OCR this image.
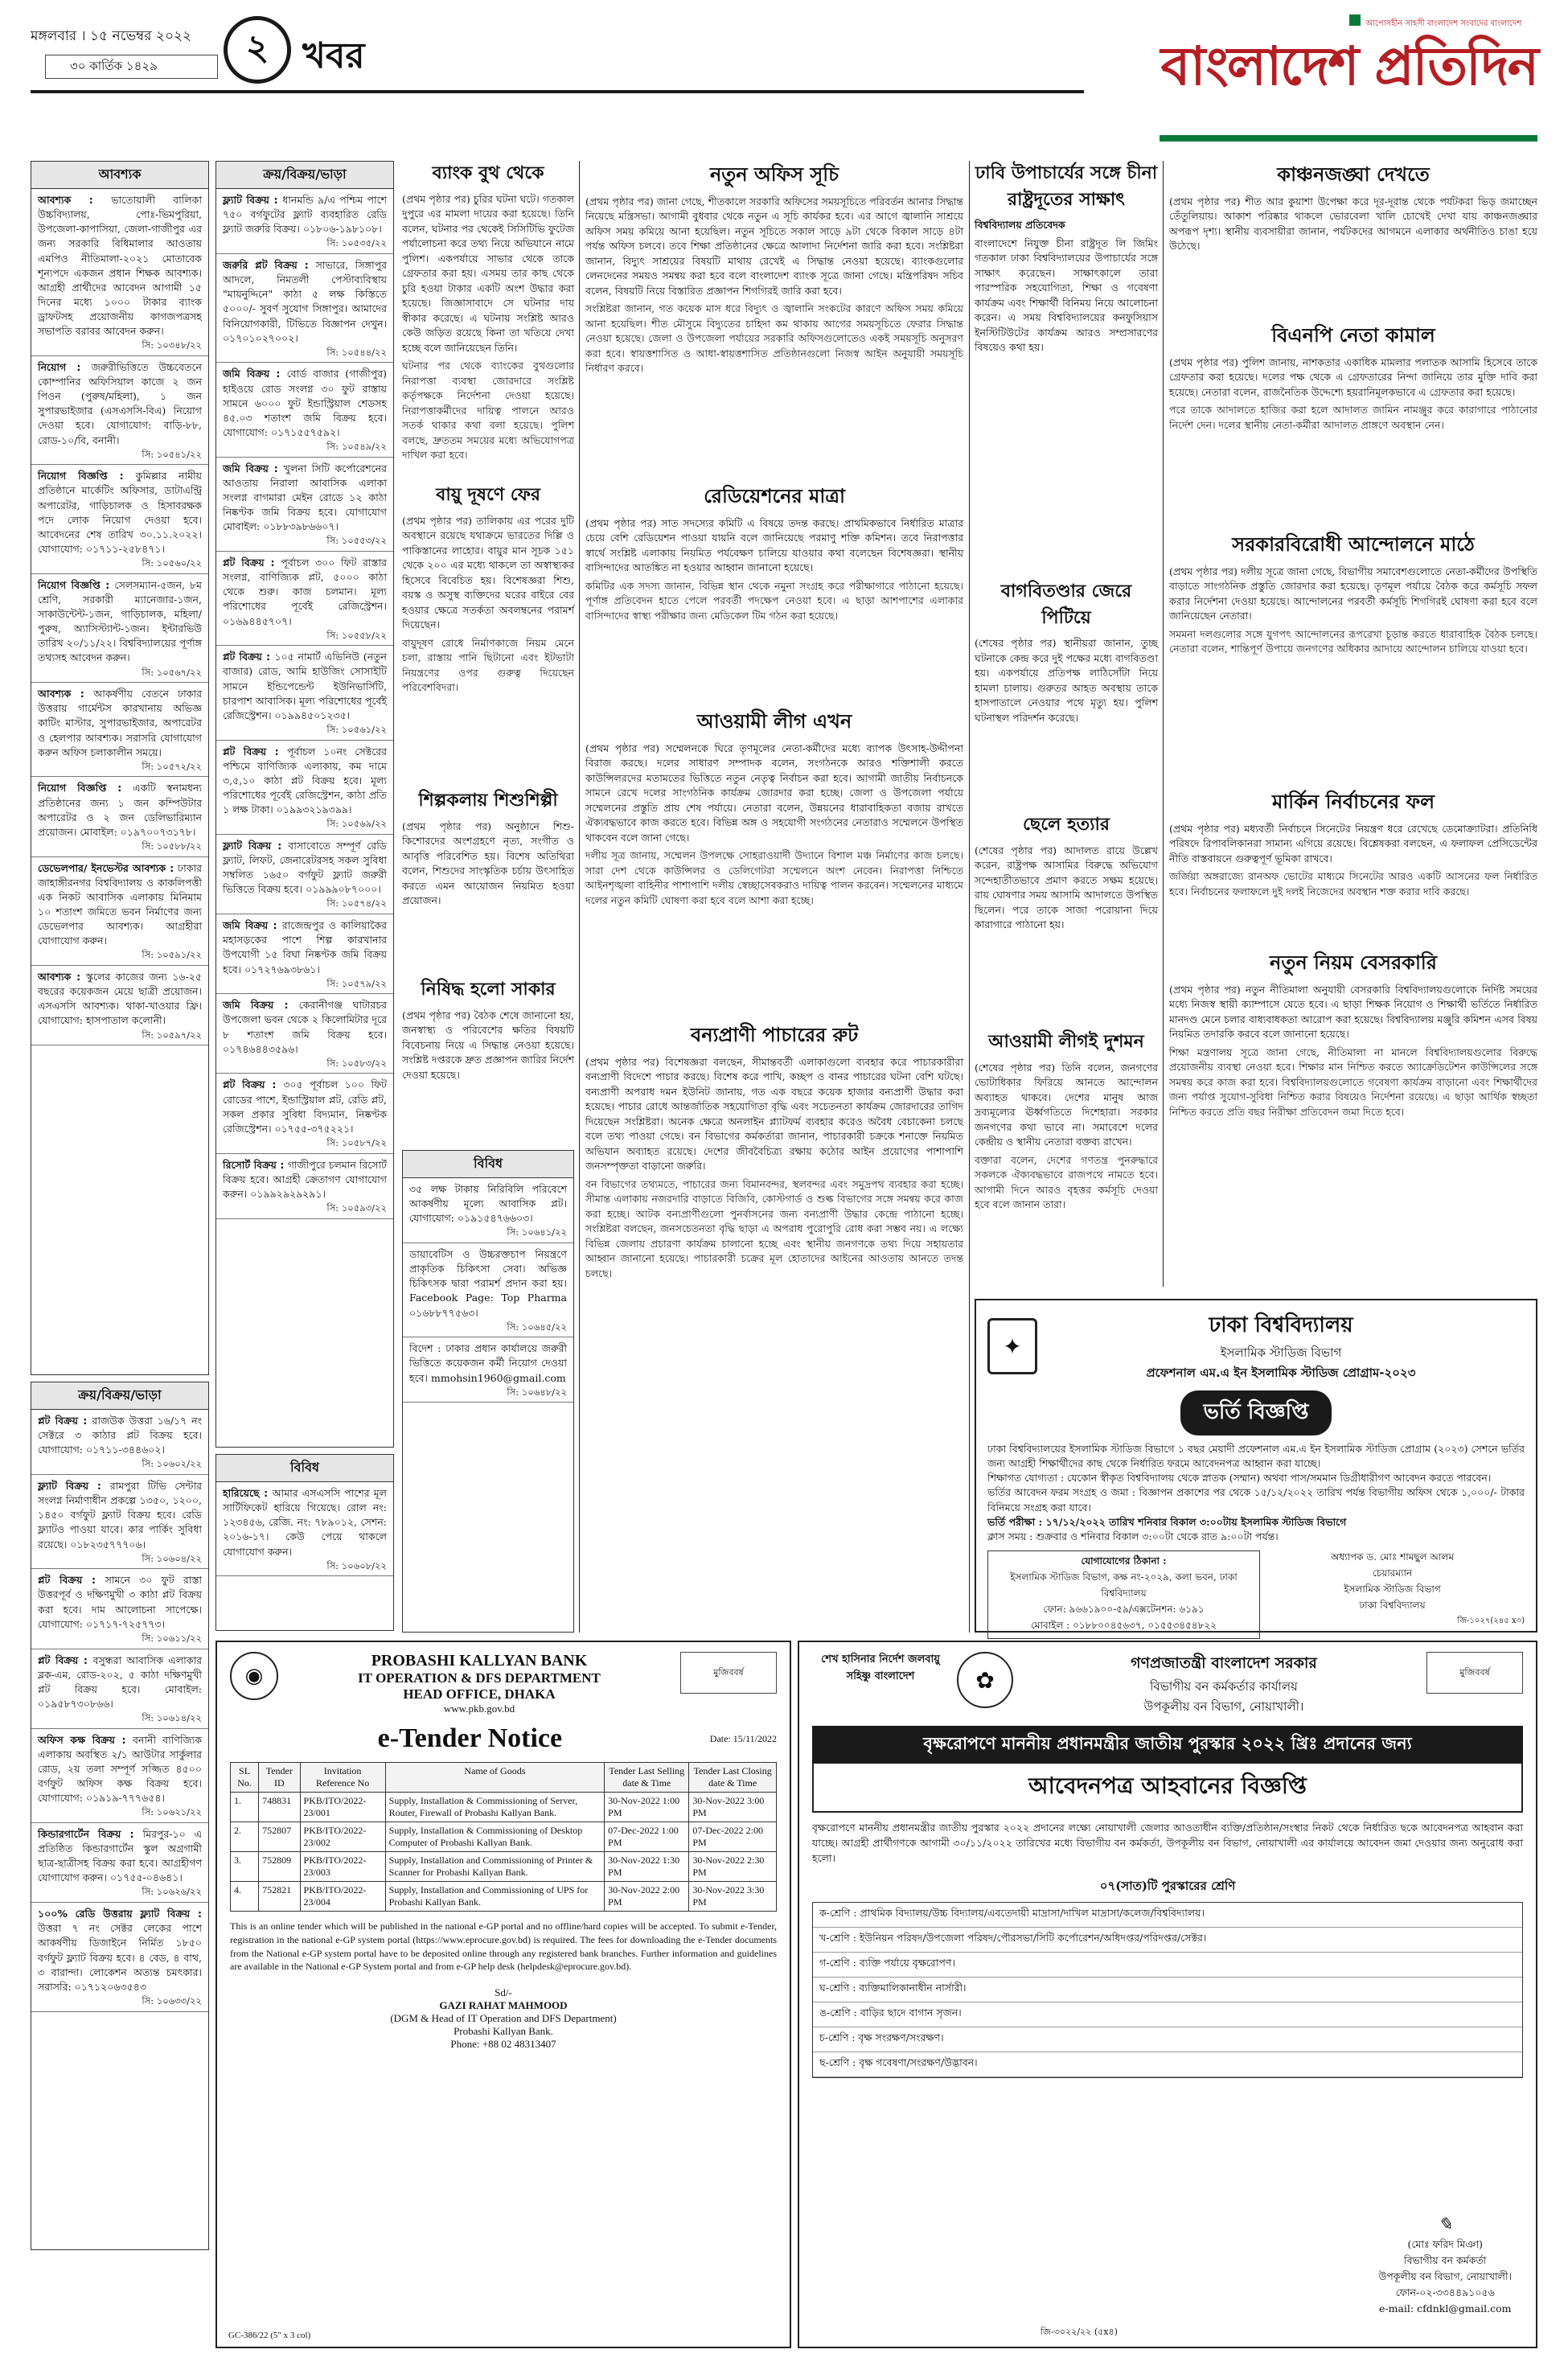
মঙ্গলবার । ১৫ নভেম্বর ২০২২
৩০ কার্তিক ১৪২৯	২ খবর
আপোসহীন সাহসী বাংলাদেশ সংবাদের বাংলাদেশ
বাংলাদেশ প্রতিদিন
আবশ্যক
আবশ্যক : ভাতোয়ালী বালিকা উচ্চবিদ্যালয়, পোঃ-ভিমপুরিয়া, উপজেলা-কাপাসিয়া, জেলা-গাজীপুর এর জন্য সরকারি বিধিমালার আওতায় এমপিও নীতিমালা-২০২১ মোতাবেক শূন্যপদে একজন প্রধান শিক্ষক আবশ্যক। আগ্রহী প্রার্থীদের আবেদন আগামী ১৫ দিনের মধ্যে ১০০০ টাকার ব্যাংক ড্রাফটসহ প্রয়োজনীয় কাগজপত্রসহ সভাপতি বরাবর আবেদন করুন।
সি: ১০৩৪৮/২২
নিয়োগ : জরুরীভিত্তিতে উচ্চবেতনে কোম্পানির অফিসিয়াল কাজে ২ জন পিওন (পুরুষ/মহিলা), ১ জন সুপারভাইজার (এসএসসি-বিএ) নিয়োগ দেওয়া হবে। যোগাযোগ: বাড়ি-৮৮, রোড-১০/বি, বনানী।
সি: ১০৫৪১/২২
নিয়োগ বিজ্ঞপ্তি : কুমিল্লার নামীয় প্রতিষ্ঠানে মার্কেটিং অফিসার, ডাটাএন্ট্রি অপারেটর, গাড়িচালক ও হিসাবরক্ষক পদে লোক নিয়োগ দেওয়া হবে। আবেদনের শেষ তারিখ ৩০.১১.২০২২। যোগাযোগ: ০১৭১১-২৫৮৪৭১।
সি: ১০৫৬০/২২
নিয়োগ বিজ্ঞপ্তি : সেলসম্যান-৫জন, ৮ম শ্রেণি, সরকারী ম্যানেজার-১জন, সাকাউন্টেন্ট-১জন, গাড়িচালক, মহিলা/পুরুষ, অ্যাসিস্ট্যান্ট-১জন। ইন্টারভিউ তারিখ ২০/১১/২২। বিশ্ববিদ্যালয়ের পূর্ণাঙ্গ তথ্যসহ আবেদন করুন।
সি: ১০৫৬৭/২২
আবশ্যক : আকর্ষণীয় বেতনে ঢাকার উত্তরায় গার্মেন্টস কারখানায় অভিজ্ঞ কাটিং মাস্টার, সুপারভাইজার, অপারেটর ও হেলপার আবশ্যক। সরাসরি যোগাযোগ করুন অফিস চলাকালীন সময়ে।
সি: ১০৫৭২/২২
নিয়োগ বিজ্ঞপ্তি : একটি স্বনামধন্য প্রতিষ্ঠানের জন্য ১ জন কম্পিউটার অপারেটর ও ২ জন ডেলিভারিম্যান প্রয়োজন। মোবাইল: ০১৯৭০০৭৩১৭৮।
সি: ১০৫৮৮/২২
ডেভেলপার/ ইনভেস্টর আবশ্যক : ঢাকার জাহাঙ্গীরনগর বিশ্ববিদ্যালয় ও কাকলিপত্তী এক নিকট আবাসিক এলাকায় মিনিমাম ১০ শতাংশ জমিতে ভবন নির্মাণের জন্য ডেভেলপার আবশ্যক। আগ্রহীরা যোগাযোগ করুন।
সি: ১০৫৯১/২২
আবশ্যক : স্কুলের কাজের জন্য ১৬-২৫ বছরের কয়েকজন মেয়ে ছাত্রী প্রয়োজন। এসএসসি আবশ্যক। থাকা-খাওয়ার ফ্রি। যোগাযোগ: হাসপাতাল কলোনী।
সি: ১০৫৯৭/২২
ক্রয়/বিক্রয়/ভাড়া
প্লট বিক্রয় : রাজউক উত্তরা ১৬/১৭ নং সেক্টরে ৩ কাঠার প্লট বিক্রয় হবে। যোগাযোগ: ০১৭১১-৩৪৪৬০২।
সি: ১০৬০২/২২
ফ্ল্যাট বিক্রয় : রামপুরা টিভি সেন্টার সংলগ্ন নির্মাণাধীন প্রকল্পে ১৩৫০, ১২০০, ১৪৫০ বর্গফুট ফ্ল্যাট বিক্রয় হবে। রেডি ফ্ল্যাটও পাওয়া যাবে। কার পার্কিং সুবিধা রয়েছে। ০১৮২৩৫৭৭৭০৬।
সি: ১০৬০৪/২২
প্লট বিক্রয় : সামনে ৩০ ফুট রাস্তা উত্তরপূর্ব ও দক্ষিণমুখী ৩ কাঠা প্লট বিক্রয় করা হবে। দাম আলোচনা সাপেক্ষে। যোগাযোগ: ০১৭১৭-৭২৫৭৭৩।
সি: ১০৬১১/২২
প্লট বিক্রয় : বসুন্ধরা আবাসিক এলাকার ব্লক-এম, রোড-২০২, ৫ কাঠা দক্ষিণমুখী প্লট বিক্রয় হবে। মোবাইল: ০১৯৫৮৭৩০৮৬৬।
সি: ১০৬১৪/২২
অফিস কক্ষ বিক্রয় : বনানী বাণিজ্যিক এলাকায় অবস্থিত ২/১ আউটার সার্কুলার রোড, ২য় তলা সম্পূর্ণ সজ্জিত ৪৫০০ বর্গফুট অফিস কক্ষ বিক্রয় হবে। যোগাযোগ: ০১৯১৯-৭৭৭৬৫৪।
সি: ১০৬২১/২২
কিন্ডারগার্টেন বিক্রয় : মিরপুর-১০ এ প্রতিষ্ঠিত কিন্ডারগার্টেন স্কুল অগ্রগামী ছাত্র-ছাত্রীসহ বিক্রয় করা হবে। আগ্রহীগণ যোগাযোগ করুন। ০১৭৫৫-০৪৬৪১।
সি: ১০৬২৬/২২
১০০% রেডি উত্তরায় ফ্ল্যাট বিক্রয় : উত্তরা ৭ নং সেক্টর লেকের পাশে আকর্ষণীয় ডিজাইনে নির্মিত ১৮৫০ বর্গফুট ফ্ল্যাট বিক্রয় হবে। ৪ বেড, ৪ বাথ, ৩ বারান্দা। লোকেশন অত্যন্ত চমৎকার। সরাসরি: ০১৭১২০৬৩৫৪৩
সি: ১০৬৩৩/২২
ক্রয়/বিক্রয়/ভাড়া
ফ্ল্যাট বিক্রয় : ধানমন্ডি ৯/এ পশ্চিম পাশে ৭৫০ বর্গফুটের ফ্ল্যাট ব্যবহারিত রেডি ফ্ল্যাট জরুরি বিক্রয়। ০১৮০৬-১৯৮১০৮।
সি: ১০৫৩৫/২২
জরুরি প্লট বিক্রয় : সাভারে, সিঙ্গাপুর আদলে, নিমতলী পেস্টাব্যবিস্থায় "মায়নুদ্দিনে" কাঠা ৫ লক্ষ কিস্তিতে ৫০০০/- সুবর্ণ সুযোগ সিঙ্গাপুর। আমাদের বিনিয়োগকারী, টিভিতে বিজ্ঞাপন দেখুন। ০১৭০১০২৭০০২।
সি: ১০৫৪৪/২২
জমি বিক্রয় : বোর্ড বাজার (গাজীপুর) হাইওয়ে রোড সংলগ্ন ৩০ ফুট রাস্তায় সামনে ৬০০০ ফুট ইন্ডাস্ট্রিয়াল শেডসহ ৪৫.০৩ শতাংশ জমি বিক্রয় হবে। যোগাযোগ: ০১৭১৫৫৭৫৯২।
সি: ১০৫৪৯/২২
জমি বিক্রয় : খুলনা সিটি কর্পোরেশনের আওতায় নিরালা আবাসিক এলাকা সংলগ্ন বাগমারা মেইন রোডে ১২ কাঠা নিষ্কণ্টক জমি বিক্রয় হবে। যোগাযোগ মোবাইল: ০১৮৮৩৯৮৬৬০৭।
সি: ১০৫৫৩/২২
প্লট বিক্রয় : পূর্বাচল ৩০০ ফিট রাস্তার সংলগ্ন, বাণিজ্যিক প্লট, ৫০০০ কাঠা থেকে শুরু। কাজ চলমান। মূল্য পরিশোধের পূর্বেই রেজিস্ট্রেশন। ০১৬৯৪৪৫৭০৭।
সি: ১০৫৫৮/২২
প্লট বিক্রয় : ১০৫ নামার্ট এভিনিউ (নতুন বাজার) রোড, আমি হাউজিং সোসাইটি সামনে ইন্ডিপেন্ডেন্ট ইউনিভার্সিটি, চারপাশ আবাসিক। মূল্য পরিশোধের পূর্বেই রেজিস্ট্রেশন। ০১৯৯৪৫০১২৩৫।
সি: ১০৫৬১/২২
প্লট বিক্রয় : পূর্বাচল ১০নং সেক্টরের পশ্চিমে বাণিজ্যিক এলাকায়, কম দামে ৩,৫,১০ কাঠা প্লট বিক্রয় হবে। মূল্য পরিশোধের পূর্বেই রেজিস্ট্রেশন, কাঠা প্রতি ১ লক্ষ টাকা। ০১৯৯৩২১৯৩৯৯।
সি: ১০৫৬৯/২২
ফ্ল্যাট বিক্রয় : বাসাবোতে সম্পূর্ণ রেডি ফ্ল্যাট, লিফট, জেনারেটরসহ সকল সুবিধা সম্বলিত ১৬৫০ বর্গফুট ফ্ল্যাট জরুরী ভিত্তিতে বিক্রয় হবে। ০১৯৯৯০৮৭০০০।
সি: ১০৫৭৪/২২
জমি বিক্রয় : রাজেন্দ্রপুর ও কালিয়াকৈর মহাসড়কের পাশে শিল্প কারখানার উপযোগী ১৫ বিঘা নিষ্কণ্টক জমি বিক্রয় হবে। ০১৭২৭৬৯৩৮৬১।
সি: ১০৫৭৯/২২
জমি বিক্রয় : কেরানীগঞ্জ ঘাটারচর উপজেলা ভবন থেকে ২ কিলোমিটার দূরে ৮ শতাংশ জমি বিক্রয় হবে। ০১৭৪৬৪৪৩৫৯৬।
সি: ১০৫৮৩/২২
প্লট বিক্রয় : ৩০৫ পূর্বাচল ১০০ ফিট রোডের পাশে, ইন্ডাস্ট্রিয়াল প্লট, রেডি প্লট, সকল প্রকার সুবিধা বিদ্যমান, নিষ্কণ্টক রেজিস্ট্রেশন। ০১৭৫৫-৩৭৫২২১।
সি: ১০৫৮৭/২২
রিসোর্ট বিক্রয় : গাজীপুরে চলমান রিসোর্ট বিক্রয় হবে। আগ্রহী ক্রেতাগণ যোগাযোগ করুন। ০১৯৯২৯২৯২৯১।
সি: ১০৫৯৩/২২
বিবিধ
হারিয়েছে : আমার এসএসসি পাশের মূল সার্টিফিকেট হারিয়ে গিয়েছে। রোল নং: ১২৩৪৫৬, রেজি. নং: ৭৮৯০১২, সেশন: ২০১৬-১৭। কেউ পেয়ে থাকলে যোগাযোগ করুন।
সি: ১০৬০৮/২২
ব্যাংক বুথ থেকে

(প্রথম পৃষ্ঠার পর) চুরির ঘটনা ঘটে। গতকাল দুপুরে এর মামলা দায়ের করা হয়েছে। তিনি বলেন, ঘটনার পর থেকেই সিসিটিভি ফুটেজ পর্যালোচনা করে তথ্য নিয়ে অভিযানে নামে পুলিশ। একপর্যায়ে সাভার থেকে তাকে গ্রেফতার করা হয়। এসময় তার কাছ থেকে চুরি হওয়া টাকার একটি অংশ উদ্ধার করা হয়েছে। জিজ্ঞাসাবাদে সে ঘটনার দায় স্বীকার করেছে। এ ঘটনায় সংশ্লিষ্ট আরও কেউ জড়িত রয়েছে কিনা তা খতিয়ে দেখা হচ্ছে বলে জানিয়েছেন তিনি।

ঘটনার পর থেকে ব্যাংকের বুথগুলোর নিরাপত্তা ব্যবস্থা জোরদারে সংশ্লিষ্ট কর্তৃপক্ষকে নির্দেশনা দেওয়া হয়েছে। নিরাপত্তাকর্মীদের দায়িত্ব পালনে আরও সতর্ক থাকার কথা বলা হয়েছে। পুলিশ বলছে, দ্রুততম সময়ের মধ্যে অভিযোগপত্র দাখিল করা হবে।

বায়ু দূষণে ফের

(প্রথম পৃষ্ঠার পর) তালিকায় এর পরের দুটি অবস্থানে রয়েছে যথাক্রমে ভারতের দিল্লি ও পাকিস্তানের লাহোর। বায়ুর মান সূচক ১৫১ থেকে ২০০ এর মধ্যে থাকলে তা অস্বাস্থ্যকর হিসেবে বিবেচিত হয়। বিশেষজ্ঞরা শিশু, বয়স্ক ও অসুস্থ ব্যক্তিদের ঘরের বাইরে বের হওয়ার ক্ষেত্রে সতর্কতা অবলম্বনের পরামর্শ দিয়েছেন।

বায়ুদূষণ রোধে নির্মাণকাজে নিয়ম মেনে চলা, রাস্তায় পানি ছিটানো এবং ইটভাটা নিয়ন্ত্রণের ওপর গুরুত্ব দিয়েছেন পরিবেশবিদরা।

শিল্পকলায় শিশুশিল্পী

(প্রথম পৃষ্ঠার পর) অনুষ্ঠানে শিশু-কিশোরদের অংশগ্রহণে নৃত্য, সংগীত ও আবৃত্তি পরিবেশিত হয়। বিশেষ অতিথিরা বলেন, শিশুদের সাংস্কৃতিক চর্চায় উৎসাহিত করতে এমন আয়োজন নিয়মিত হওয়া প্রয়োজন।

নিষিদ্ধ হলো সাকার

(প্রথম পৃষ্ঠার পর) বৈঠক শেষে জানানো হয়, জনস্বাস্থ্য ও পরিবেশের ক্ষতির বিষয়টি বিবেচনায় নিয়ে এ সিদ্ধান্ত নেওয়া হয়েছে। সংশ্লিষ্ট দপ্তরকে দ্রুত প্রজ্ঞাপন জারির নির্দেশ দেওয়া হয়েছে।

বিবিধ
৩৫ লক্ষ টাকায় নিরিবিলি পরিবেশে আকর্ষণীয় মূল্যে আবাসিক প্লট। যোগাযোগ: ০১৯১৫৪৭৬৬০৩।
সি: ১০৬৪১/২২
ডায়াবেটিস ও উচ্চরক্তচাপ নিয়ন্ত্রণে প্রাকৃতিক চিকিৎসা সেবা। অভিজ্ঞ চিকিৎসক দ্বারা পরামর্শ প্রদান করা হয়। Facebook Page: Top Pharma ০১৬৮৮৭৭৫৬৩।
সি: ১০৬৪৫/২২
বিদেশ : ঢাকার প্রধান কার্যালয়ে জরুরী ভিত্তিতে কয়েকজন কর্মী নিয়োগ দেওয়া হবে। mmohsin1960@gmail.com
সি: ১০৬৪৮/২২
নতুন অফিস সূচি

(প্রথম পৃষ্ঠার পর) জানা গেছে, শীতকালে সরকারি অফিসের সময়সূচিতে পরিবর্তন আনার সিদ্ধান্ত নিয়েছে মন্ত্রিসভা। আগামী বুধবার থেকে নতুন এ সূচি কার্যকর হবে। এর আগে জ্বালানি সাশ্রয়ে অফিস সময় কমিয়ে আনা হয়েছিল। নতুন সূচিতে সকাল সাড়ে ৯টা থেকে বিকাল সাড়ে ৪টা পর্যন্ত অফিস চলবে। তবে শিক্ষা প্রতিষ্ঠানের ক্ষেত্রে আলাদা নির্দেশনা জারি করা হবে। সংশ্লিষ্টরা জানান, বিদ্যুৎ সাশ্রয়ের বিষয়টি মাথায় রেখেই এ সিদ্ধান্ত নেওয়া হয়েছে। ব্যাংকগুলোর লেনদেনের সময়ও সমন্বয় করা হবে বলে বাংলাদেশ ব্যাংক সূত্রে জানা গেছে। মন্ত্রিপরিষদ সচিব বলেন, বিষয়টি নিয়ে বিস্তারিত প্রজ্ঞাপন শিগগিরই জারি করা হবে।

সংশ্লিষ্টরা জানান, গত কয়েক মাস ধরে বিদ্যুৎ ও জ্বালানি সংকটের কারণে অফিস সময় কমিয়ে আনা হয়েছিল। শীত মৌসুমে বিদ্যুতের চাহিদা কম থাকায় আগের সময়সূচিতে ফেরার সিদ্ধান্ত নেওয়া হয়েছে। জেলা ও উপজেলা পর্যায়ের সরকারি অফিসগুলোতেও একই সময়সূচি অনুসরণ করা হবে। স্বায়ত্তশাসিত ও আধা-স্বায়ত্তশাসিত প্রতিষ্ঠানগুলো নিজস্ব আইন অনুযায়ী সময়সূচি নির্ধারণ করবে।

রেডিয়েশনের মাত্রা

(প্রথম পৃষ্ঠার পর) সাত সদস্যের কমিটি এ বিষয়ে তদন্ত করছে। প্রাথমিকভাবে নির্ধারিত মাত্রার চেয়ে বেশি রেডিয়েশন পাওয়া যায়নি বলে জানিয়েছে পরমাণু শক্তি কমিশন। তবে নিরাপত্তার স্বার্থে সংশ্লিষ্ট এলাকায় নিয়মিত পর্যবেক্ষণ চালিয়ে যাওয়ার কথা বলেছেন বিশেষজ্ঞরা। স্থানীয় বাসিন্দাদের আতঙ্কিত না হওয়ার আহ্বান জানানো হয়েছে।

কমিটির এক সদস্য জানান, বিভিন্ন স্থান থেকে নমুনা সংগ্রহ করে পরীক্ষাগারে পাঠানো হয়েছে। পূর্ণাঙ্গ প্রতিবেদন হাতে পেলে পরবর্তী পদক্ষেপ নেওয়া হবে। এ ছাড়া আশপাশের এলাকার বাসিন্দাদের স্বাস্থ্য পরীক্ষার জন্য মেডিকেল টিম গঠন করা হয়েছে।

আওয়ামী লীগ এখন

(প্রথম পৃষ্ঠার পর) সম্মেলনকে ঘিরে তৃণমূলের নেতা-কর্মীদের মধ্যে ব্যাপক উৎসাহ-উদ্দীপনা বিরাজ করছে। দলের সাধারণ সম্পাদক বলেন, সংগঠনকে আরও শক্তিশালী করতে কাউন্সিলরদের মতামতের ভিত্তিতে নতুন নেতৃত্ব নির্বাচন করা হবে। আগামী জাতীয় নির্বাচনকে সামনে রেখে দলের সাংগঠনিক কার্যক্রম জোরদার করা হচ্ছে। জেলা ও উপজেলা পর্যায়ে সম্মেলনের প্রস্তুতি প্রায় শেষ পর্যায়ে। নেতারা বলেন, উন্নয়নের ধারাবাহিকতা বজায় রাখতে ঐক্যবদ্ধভাবে কাজ করতে হবে। বিভিন্ন অঙ্গ ও সহযোগী সংগঠনের নেতারাও সম্মেলনে উপস্থিত থাকবেন বলে জানা গেছে।

দলীয় সূত্র জানায়, সম্মেলন উপলক্ষে সোহরাওয়ার্দী উদ্যানে বিশাল মঞ্চ নির্মাণের কাজ চলছে। সারা দেশ থেকে কাউন্সিলর ও ডেলিগেটরা সম্মেলনে অংশ নেবেন। নিরাপত্তা নিশ্চিতে আইনশৃঙ্খলা বাহিনীর পাশাপাশি দলীয় স্বেচ্ছাসেবকরাও দায়িত্ব পালন করবেন। সম্মেলনের মাধ্যমে দলের নতুন কমিটি ঘোষণা করা হবে বলে আশা করা হচ্ছে।

বন্যপ্রাণী পাচারের রুট

(প্রথম পৃষ্ঠার পর) বিশেষজ্ঞরা বলছেন, সীমান্তবর্তী এলাকাগুলো ব্যবহার করে পাচারকারীরা বন্যপ্রাণী বিদেশে পাচার করছে। বিশেষ করে পাখি, কচ্ছপ ও বানর পাচারের ঘটনা বেশি ঘটছে। বন্যপ্রাণী অপরাধ দমন ইউনিট জানায়, গত এক বছরে কয়েক হাজার বন্যপ্রাণী উদ্ধার করা হয়েছে। পাচার রোধে আন্তর্জাতিক সহযোগিতা বৃদ্ধি এবং সচেতনতা কার্যক্রম জোরদারের তাগিদ দিয়েছেন সংশ্লিষ্টরা। অনেক ক্ষেত্রে অনলাইন প্ল্যাটফর্ম ব্যবহার করেও অবৈধ বেচাকেনা চলছে বলে তথ্য পাওয়া গেছে। বন বিভাগের কর্মকর্তারা জানান, পাচারকারী চক্রকে শনাক্তে নিয়মিত অভিযান অব্যাহত রয়েছে। দেশের জীববৈচিত্র্য রক্ষায় কঠোর আইন প্রয়োগের পাশাপাশি জনসম্পৃক্ততা বাড়ানো জরুরি।

বন বিভাগের তথ্যমতে, পাচারের জন্য বিমানবন্দর, স্থলবন্দর এবং সমুদ্রপথ ব্যবহার করা হচ্ছে। সীমান্ত এলাকায় নজরদারি বাড়াতে বিজিবি, কোস্টগার্ড ও শুল্ক বিভাগের সঙ্গে সমন্বয় করে কাজ করা হচ্ছে। আটক বন্যপ্রাণীগুলো পুনর্বাসনের জন্য বন্যপ্রাণী উদ্ধার কেন্দ্রে পাঠানো হচ্ছে। সংশ্লিষ্টরা বলছেন, জনসচেতনতা বৃদ্ধি ছাড়া এ অপরাধ পুরোপুরি রোধ করা সম্ভব নয়। এ লক্ষ্যে বিভিন্ন জেলায় প্রচারণা কার্যক্রম চালানো হচ্ছে এবং স্থানীয় জনগণকে তথ্য দিয়ে সহায়তার আহ্বান জানানো হয়েছে। পাচারকারী চক্রের মূল হোতাদের আইনের আওতায় আনতে তদন্ত চলছে।

ঢাবি উপাচার্যের সঙ্গে চীনা রাষ্ট্রদূতের সাক্ষাৎ

বিশ্ববিদ্যালয় প্রতিবেদক

বাংলাদেশে নিযুক্ত চীনা রাষ্ট্রদূত লি জিমিং গতকাল ঢাকা বিশ্ববিদ্যালয়ের উপাচার্যের সঙ্গে সাক্ষাৎ করেছেন। সাক্ষাৎকালে তারা পারস্পরিক সহযোগিতা, শিক্ষা ও গবেষণা কার্যক্রম এবং শিক্ষার্থী বিনিময় নিয়ে আলোচনা করেন। এ সময় বিশ্ববিদ্যালয়ের কনফুসিয়াস ইনস্টিটিউটের কার্যক্রম আরও সম্প্রসারণের বিষয়েও কথা হয়।

বাগবিতণ্ডার জেরে পিটিয়ে

(শেষের পৃষ্ঠার পর) স্থানীয়রা জানান, তুচ্ছ ঘটনাকে কেন্দ্র করে দুই পক্ষের মধ্যে বাগবিতণ্ডা হয়। একপর্যায়ে প্রতিপক্ষ লাঠিসোঁটা নিয়ে হামলা চালায়। গুরুতর আহত অবস্থায় তাকে হাসপাতালে নেওয়ার পথে মৃত্যু হয়। পুলিশ ঘটনাস্থল পরিদর্শন করেছে।

ছেলে হত্যার

(শেষের পৃষ্ঠার পর) আদালত রায়ে উল্লেখ করেন, রাষ্ট্রপক্ষ আসামির বিরুদ্ধে অভিযোগ সন্দেহাতীতভাবে প্রমাণ করতে সক্ষম হয়েছে। রায় ঘোষণার সময় আসামি আদালতে উপস্থিত ছিলেন। পরে তাকে সাজা পরোয়ানা দিয়ে কারাগারে পাঠানো হয়।

আওয়ামী লীগই দুশমন

(শেষের পৃষ্ঠার পর) তিনি বলেন, জনগণের ভোটাধিকার ফিরিয়ে আনতে আন্দোলন অব্যাহত থাকবে। দেশের মানুষ আজ দ্রব্যমূল্যের ঊর্ধ্বগতিতে দিশেহারা। সরকার জনগণের কথা ভাবে না। সমাবেশে দলের কেন্দ্রীয় ও স্থানীয় নেতারা বক্তব্য রাখেন।

বক্তারা বলেন, দেশের গণতন্ত্র পুনরুদ্ধারে সকলকে ঐক্যবদ্ধভাবে রাজপথে নামতে হবে। আগামী দিনে আরও বৃহত্তর কর্মসূচি দেওয়া হবে বলে জানান তারা।

কাঞ্চনজঙ্ঘা দেখতে

(প্রথম পৃষ্ঠার পর) শীত আর কুয়াশা উপেক্ষা করে দূর-দূরান্ত থেকে পর্যটকরা ভিড় জমাচ্ছেন তেঁতুলিয়ায়। আকাশ পরিষ্কার থাকলে ভোরবেলা খালি চোখেই দেখা যায় কাঞ্চনজঙ্ঘার অপরূপ দৃশ্য। স্থানীয় ব্যবসায়ীরা জানান, পর্যটকদের আগমনে এলাকার অর্থনীতিও চাঙা হয়ে উঠেছে।

বিএনপি নেতা কামাল

(প্রথম পৃষ্ঠার পর) পুলিশ জানায়, নাশকতার একাধিক মামলার পলাতক আসামি হিসেবে তাকে গ্রেফতার করা হয়েছে। দলের পক্ষ থেকে এ গ্রেফতারের নিন্দা জানিয়ে তার মুক্তি দাবি করা হয়েছে। নেতারা বলেন, রাজনৈতিক উদ্দেশ্যে হয়রানিমূলকভাবে এ গ্রেফতার করা হয়েছে।

পরে তাকে আদালতে হাজির করা হলে আদালত জামিন নামঞ্জুর করে কারাগারে পাঠানোর নির্দেশ দেন। দলের স্থানীয় নেতা-কর্মীরা আদালত প্রাঙ্গণে অবস্থান নেন।

সরকারবিরোধী আন্দোলনে মাঠে

(প্রথম পৃষ্ঠার পর) দলীয় সূত্রে জানা গেছে, বিভাগীয় সমাবেশগুলোতে নেতা-কর্মীদের উপস্থিতি বাড়াতে সাংগঠনিক প্রস্তুতি জোরদার করা হয়েছে। তৃণমূল পর্যায়ে বৈঠক করে কর্মসূচি সফল করার নির্দেশনা দেওয়া হয়েছে। আন্দোলনের পরবর্তী কর্মসূচি শিগগিরই ঘোষণা করা হবে বলে জানিয়েছেন নেতারা।

সমমনা দলগুলোর সঙ্গে যুগপৎ আন্দোলনের রূপরেখা চূড়ান্ত করতে ধারাবাহিক বৈঠক চলছে। নেতারা বলেন, শান্তিপূর্ণ উপায়ে জনগণের অধিকার আদায়ে আন্দোলন চালিয়ে যাওয়া হবে।

মার্কিন নির্বাচনের ফল

(প্রথম পৃষ্ঠার পর) মধ্যবর্তী নির্বাচনে সিনেটের নিয়ন্ত্রণ ধরে রেখেছে ডেমোক্র্যাটরা। প্রতিনিধি পরিষদে রিপাবলিকানরা সামান্য এগিয়ে রয়েছে। বিশ্লেষকরা বলছেন, এ ফলাফল প্রেসিডেন্টের নীতি বাস্তবায়নে গুরুত্বপূর্ণ ভূমিকা রাখবে।

জর্জিয়া অঙ্গরাজ্যে রানঅফ ভোটের মাধ্যমে সিনেটের আরও একটি আসনের ফল নির্ধারিত হবে। নির্বাচনের ফলাফলে দুই দলই নিজেদের অবস্থান শক্ত করার দাবি করছে।

নতুন নিয়ম বেসরকারি

(প্রথম পৃষ্ঠার পর) নতুন নীতিমালা অনুযায়ী বেসরকারি বিশ্ববিদ্যালয়গুলোকে নির্দিষ্ট সময়ের মধ্যে নিজস্ব স্থায়ী ক্যাম্পাসে যেতে হবে। এ ছাড়া শিক্ষক নিয়োগ ও শিক্ষার্থী ভর্তিতে নির্ধারিত মানদণ্ড মেনে চলার বাধ্যবাধকতা আরোপ করা হয়েছে। বিশ্ববিদ্যালয় মঞ্জুরি কমিশন এসব বিষয় নিয়মিত তদারকি করবে বলে জানানো হয়েছে।

শিক্ষা মন্ত্রণালয় সূত্রে জানা গেছে, নীতিমালা না মানলে বিশ্ববিদ্যালয়গুলোর বিরুদ্ধে প্রয়োজনীয় ব্যবস্থা নেওয়া হবে। শিক্ষার মান নিশ্চিত করতে অ্যাক্রেডিটেশন কাউন্সিলের সঙ্গে সমন্বয় করে কাজ করা হবে। বিশ্ববিদ্যালয়গুলোতে গবেষণা কার্যক্রম বাড়ানো এবং শিক্ষার্থীদের জন্য পর্যাপ্ত সুযোগ-সুবিধা নিশ্চিত করার বিষয়েও নির্দেশনা রয়েছে। এ ছাড়া আর্থিক স্বচ্ছতা নিশ্চিত করতে প্রতি বছর নিরীক্ষা প্রতিবেদন জমা দিতে হবে।

✦
ঢাকা বিশ্ববিদ্যালয়
ইসলামিক স্টাডিজ বিভাগ
প্রফেশনাল এম.এ ইন ইসলামিক স্টাডিজ প্রোগ্রাম-২০২৩
ভর্তি বিজ্ঞপ্তি

ঢাকা বিশ্ববিদ্যালয়ের ইসলামিক স্টাডিজ বিভাগে ১ বছর মেয়াদী প্রফেশনাল এম.এ ইন ইসলামিক স্টাডিজ প্রোগ্রাম (২০২৩) সেশনে ভর্তির জন্য আগ্রহী শিক্ষার্থীদের কাছ থেকে নির্ধারিত ফরমে আবেদনপত্র আহ্বান করা যাচ্ছে।

শিক্ষাগত যোগ্যতা : যেকোন স্বীকৃত বিশ্ববিদ্যালয় থেকে স্নাতক (সম্মান) অথবা পাস/সমমান ডিগ্রীধারীগণ আবেদন করতে পারবেন।

ভর্তির আবেদন ফরম সংগ্রহ ও জমা : বিজ্ঞাপন প্রকাশের পর থেকে ১৫/১২/২০২২ তারিখ পর্যন্ত বিভাগীয় অফিস থেকে ১,০০০/- টাকার বিনিময়ে সংগ্রহ করা যাবে।

ভর্তি পরীক্ষা : ১৭/১২/২০২২ তারিখ শনিবার বিকাল ৩:০০টায় ইসলামিক স্টাডিজ বিভাগে

ক্লাস সময় : শুক্রবার ও শনিবার বিকাল ৩:০০টা থেকে রাত ৯:০০টা পর্যন্ত।

যোগাযোগের ঠিকানা :
ইসলামিক স্টাডিজ বিভাগ, কক্ষ নং-২০২৯, কলা ভবন, ঢাকা বিশ্ববিদ্যালয়
ফোন: ৯৬৬১৯০০-৫৯/এক্সটেনশন: ৬১৯১
মোবাইল : ০১৮৮০০৪৫৬৩৭, ০১৫৫৩৪৫৪৮২২
অধ্যাপক ড. মোঃ শামছুল আলম
চেয়ারম্যান
ইসলামিক স্টাডিজ বিভাগ
ঢাকা বিশ্ববিদ্যালয়
জি-১০২৭(২৪৫ x৩)
◉
PROBASHI KALLYAN BANK
IT OPERATION & DFS DEPARTMENT
HEAD OFFICE, DHAKA
www.pkb.gov.bd
মুজিববর্ষ
e-Tender Notice	Date: 15/11/2022
SL No.	Tender ID	Invitation Reference No	Name of Goods	Tender Last Selling date & Time	Tender Last Closing date & Time
1.	748831	PKB/ITO/2022-23/001	Supply, Installation & Commissioning of Server, Router, Firewall of Probashi Kallyan Bank.	30-Nov-2022 1:00 PM	30-Nov-2022 3:00 PM
2.	752807	PKB/ITO/2022-23/002	Supply, Installation & Commissioning of Desktop Computer of Probashi Kallyan Bank.	07-Dec-2022 1:00 PM	07-Dec-2022 2:00 PM
3.	752809	PKB/ITO/2022-23/003	Supply, Installation and Commissioning of Printer & Scanner for Probashi Kallyan Bank.	30-Nov-2022 1:30 PM	30-Nov-2022 2:30 PM
4.	752821	PKB/ITO/2022-23/004	Supply, Installation and Commissioning of UPS for Probashi Kallyan Bank.	30-Nov-2022 2:00 PM	30-Nov-2022 3:30 PM

This is an online tender which will be published in the national e-GP portal and no offline/hard copies will be accepted. To submit e-Tender, registration in the national e-GP system portal (https://www.eprocure.gov.bd) is required. The fees for downloading the e-Tender documents from the National e-GP system portal have to be deposited online through any registered bank branches. Further information and guidelines are available in the National e-GP System portal and from e-GP help desk (helpdesk@eprocure.gov.bd).

Sd/-
GAZI RAHAT MAHMOOD
(DGM & Head of IT Operation and DFS Department)
Probashi Kallyan Bank.
Phone: +88 02 48313407
GC-386/22 (5" x 3 col)
শেখ হাসিনার নির্দেশ জলবায়ু সহিষ্ণু বাংলাদেশ	✿
গণপ্রজাতন্ত্রী বাংলাদেশ সরকার
বিভাগীয় বন কর্মকর্তার কার্যালয়
উপকূলীয় বন বিভাগ, নোয়াখালী।
মুজিববর্ষ
বৃক্ষরোপণে মাননীয় প্রধানমন্ত্রীর জাতীয় পুরস্কার ২০২২ খ্রিঃ প্রদানের জন্য
আবেদনপত্র আহবানের বিজ্ঞপ্তি

বৃক্ষরোপণে মাননীয় প্রধানমন্ত্রীর জাতীয় পুরস্কার ২০২২ প্রদানের লক্ষ্যে নোয়াখালী জেলার আওতাধীন ব্যক্তি/প্রতিষ্ঠান/সংস্থার নিকট থেকে নির্ধারিত ছকে আবেদনপত্র আহবান করা যাচ্ছে। আগ্রহী প্রার্থীগণকে আগামী ৩০/১১/২০২২ তারিখের মধ্যে বিভাগীয় বন কর্মকর্তা, উপকূলীয় বন বিভাগ, নোয়াখালী এর কার্যালয়ে আবেদন জমা দেওয়ার জন্য অনুরোধ করা হলো।

০৭(সাত)টি পুরস্কারের শ্রেণি
ক-শ্রেণি : প্রাথমিক বিদ্যালয়/উচ্চ বিদ্যালয়/এবতেদায়ী মাদ্রাসা/দাখিল মাদ্রাসা/কলেজ/বিশ্ববিদ্যালয়।
খ-শ্রেণি : ইউনিয়ন পরিষদ/উপজেলা পরিষদ/পৌরসভা/সিটি কর্পোরেশন/অধিদপ্তর/পরিদপ্তর/সেক্টর।
গ-শ্রেণি : ব্যক্তি পর্যায়ে বৃক্ষরোপণ।
ঘ-শ্রেণি : ব্যক্তিমালিকানাধীন নার্সারী।
ঙ-শ্রেণি : বাড়ির ছাদে বাগান সৃজন।
চ-শ্রেণি : বৃক্ষ সংরক্ষণ/সংরক্ষণ।
ছ-শ্রেণি : বৃক্ষ গবেষণা/সংরক্ষণ/উদ্ভাবন।
✎
(মোঃ ফরিদ মিঞা)
বিভাগীয় বন কর্মকর্তা
উপকূলীয় বন বিভাগ, নোয়াখালী।
ফোন-০২-৩৩৪৪৯১০৫৬
e-mail: cfdnkl@gmail.com
জি-৩০২২/২২ (৫x৪)
